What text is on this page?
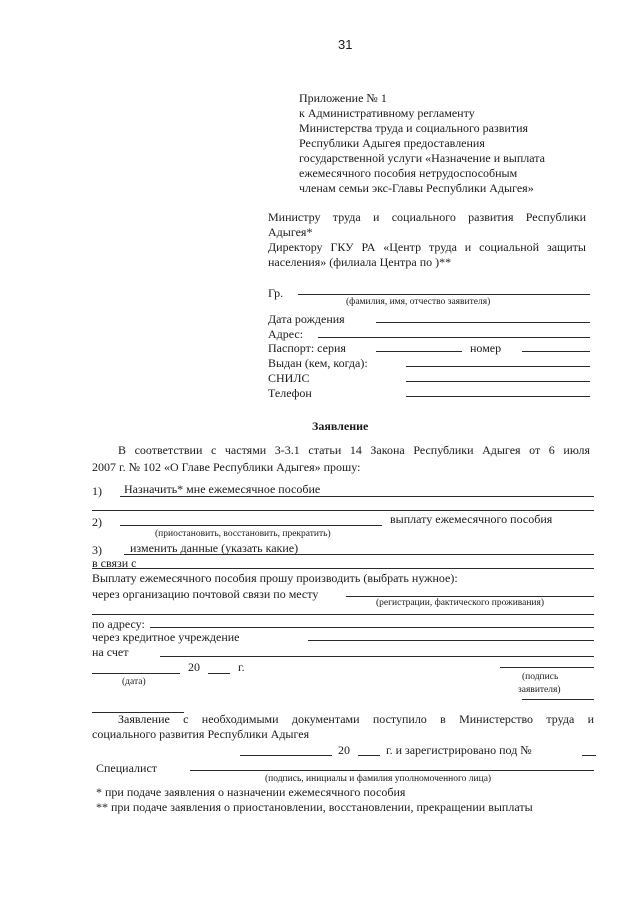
31
Приложение № 1
к Административному регламенту
Министерства труда и социального развития
Республики Адыгея предоставления
государственной услуги «Назначение и выплата
ежемесячного пособия нетрудоспособным
членам семьи экс-Главы Республики Адыгея»
Министру труда и социального развития Республики
Адыгея*
Директору ГКУ РА «Центр труда и социальной защиты
населения» (филиала Центра по )**
Гр.
(фамилия, имя, отчество заявителя)
Дата рождения
Адрес:
Паспорт: серия	номер
Выдан (кем, когда):
СНИЛС
Телефон
Заявление
В соответствии с частями 3-3.1 статьи 14 Закона Республики Адыгея от 6 июля
2007 г. № 102 «О Главе Республики Адыгея» прошу:
1) Назначить* мне ежемесячное пособие
2)	выплату ежемесячного пособия
(приостановить, восстановить, прекратить)
3) изменить данные (указать какие)
в связи с
Выплату ежемесячного пособия прошу производить (выбрать нужное):
через организацию почтовой связи по месту
(регистрации, фактического проживания)
по адресу:
через кредитное учреждение
на счет
20	г.
(дата)	(подпись
заявителя)
Заявление с необходимыми документами поступило в Министерство труда и
социального развития Республики Адыгея
20	г. и зарегистрировано под №
Специалист
(подпись, инициалы и фамилия уполномоченного лица)
* при подаче заявления о назначении ежемесячного пособия
** при подаче заявления о приостановлении, восстановлении, прекращении выплаты
